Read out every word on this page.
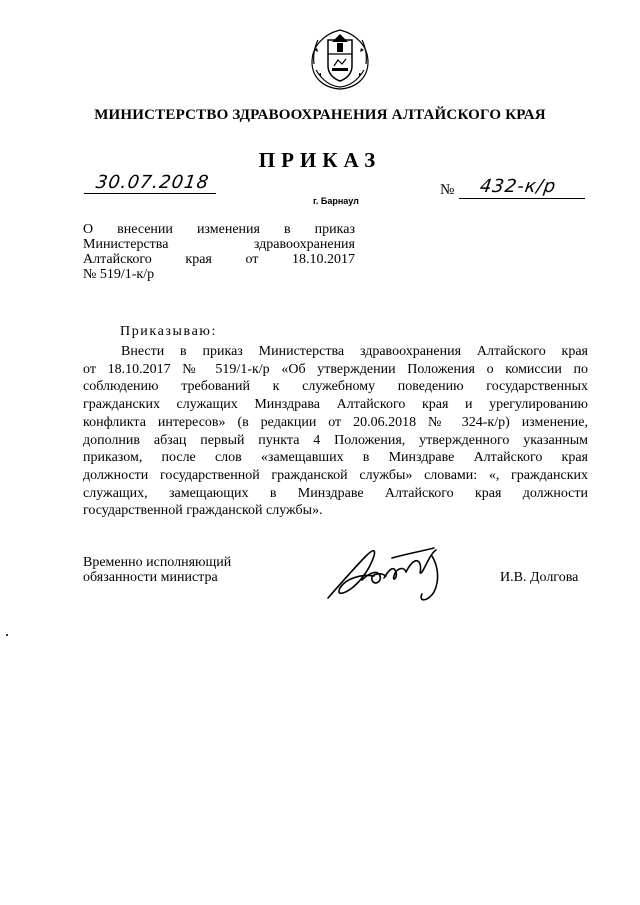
МИНИСТЕРСТВО ЗДРАВООХРАНЕНИЯ АЛТАЙСКОГО КРАЯ
ПРИКАЗ
30.07.2018
г. Барнаул
№ 432-к/р
О внесении изменения в приказ
Министерства здравоохранения
Алтайского края от 18.10.2017
№ 519/1-к/р
Приказываю:
Внести в приказ Министерства здравоохранения Алтайского края
от 18.10.2017 № 519/1-к/р «Об утверждении Положения о комиссии по
соблюдению требований к служебному поведению государственных
гражданских служащих Минздрава Алтайского края и урегулированию
конфликта интересов» (в редакции от 20.06.2018 № 324-к/р) изменение,
дополнив абзац первый пункта 4 Положения, утвержденного указанным
приказом, после слов «замещавших в Минздраве Алтайского края
должности государственной гражданской службы» словами: «, гражданских
служащих, замещающих в Минздраве Алтайского края должности
государственной гражданской службы».
Временно исполняющий
обязанности министра	И.В. Долгова
